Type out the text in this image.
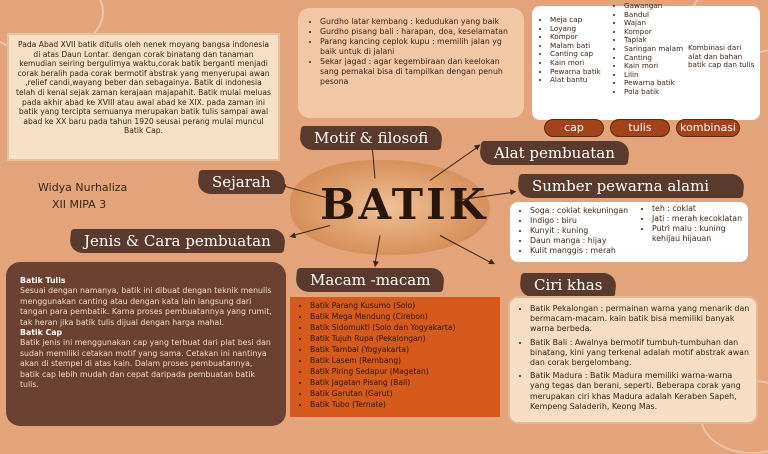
BATIK
Pada Abad XVII batik ditulis oleh nenek moyang bangsa indonesia di atas Daun Lontar. dengan corak binatang dan tanaman kemudian seiring bergulirnya waktu,corak batik berganti menjadi corak beralih pada corak bermotif abstrak yang menyerupai awan ,relief candi,wayang beber dan sebagainya. Batik di indonesia telah di kenal sejak zaman kerajaan majapahit. Batik mulai meluas pada akhir abad ke XVIII atau awal abad ke XIX. pada zaman ini batik yang tercipta semuanya merupakan batik tulis sampai awal abad ke XX baru pada tahun 1920 seusai perang mulai muncul Batik Cap.
Widya Nurhaliza
XII MIPA 3
Sejarah
Motif & filosofi
Alat pembuatan
Sumber pewarna alami
Jenis & Cara pembuatan
Macam -macam	Ciri khas
• Gurdho latar kembang : kedudukan yang baik
• Gurdho pisang bali : harapan, doa, keselamatan
• Parang kancing ceplok kupu : memilih jalan yg baik untuk di jalani
• Sekar jagad : agar kegembiraan dan keelokan sang pemakai bisa di tampilkan dengan penuh pesona
• Meja cap
• Loyang
• Kompor
• Malam bati
• Canting cap
• Kain mori
• Pewarna batik
• Alat bantu
• Gawangan
• Bandul
• Wajan
• Kompor
• Taplak
• Saringan malam
• Canting
• Kain mori
• Lilin
• Pewarna batik
• Pola batik
Kombinasi dari alat dan bahan batik cap dan tulis
cap	tulis	kombinasi
• Soga : coklat kekuningan
• Indigo : biru
• Kunyit : kuning
• Daun manga : hijay
• Kulit manggis : merah
• teh : coklat
• Jati : merah kecoklatan
• Putri malu : kuning kehijau hijauan
Batik Tulis
Sesuai dengan namanya, batik ini dibuat dengan teknik menulis menggunakan canting atau dengan kata lain langsung dari tangan para pembatik. Karna proses pembuatannya yang rumit, tak heran jika batik tulis dijual dengan harga mahal.
Batik Cap
Batik jenis ini menggunakan cap yang terbuat dari plat besi dan sudah memiliki cetakan motif yang sama. Cetakan ini nantinya akan di stempel di atas kain. Dalam proses pembuatannya, batik cap lebih mudah dan cepat daripada pembuatan batik tulis.
• Batik Parang Kusumo (Solo)
• Batik Mega Mendung (Cirebon)
• Batik Sidomukti (Solo dan Yogyakarta)
• Batik Tujuh Rupa (Pekalongan)
• Batik Tambal (Yogyakarta)
• Batik Lasem (Rembang)
• Batik Piring Sedapur (Magetan)
• Batik Jagatan Pisang (Bali)
• Batik Garutan (Garut)
• Batik Tubo (Ternate)
• Batik Pekalongan : permainan warna yang menarik dan bermacam-macam. kain batik bisa memiliki banyak warna berbeda.
• Batik Bali : Awalnya bermotif tumbuh-tumbuhan dan binatang, kini yang terkenal adalah motif abstrak awan dan corak bergelombang.
• Batik Madura : Batik Madura memiliki warna-warna yang tegas dan berani, seperti. Beberapa corak yang merupakan ciri khas Madura adalah Keraben Sapeh, Kempeng Saladerih, Keong Mas.
